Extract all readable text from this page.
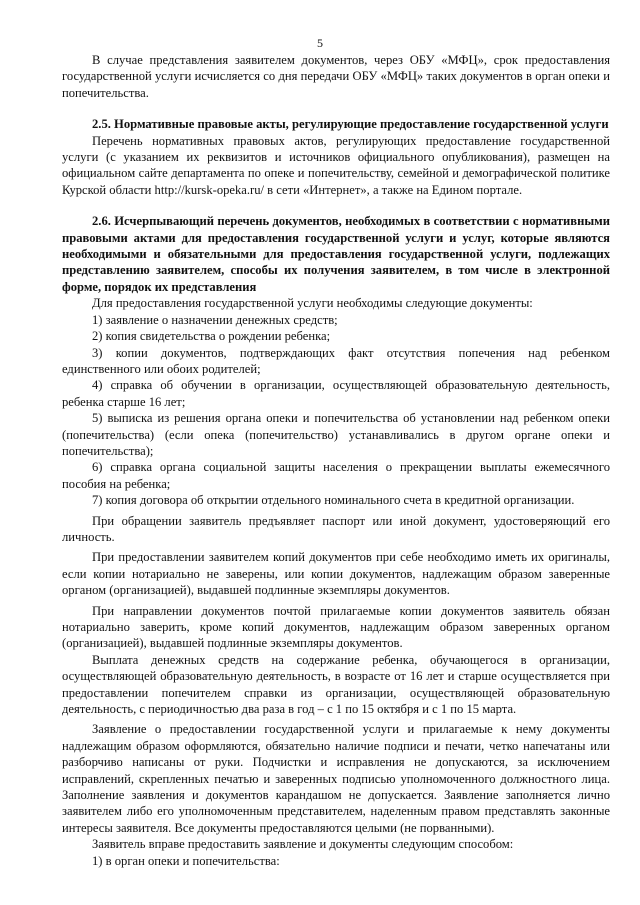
5

В случае представления заявителем документов, через ОБУ «МФЦ», срок предоставления государственной услуги исчисляется со дня передачи ОБУ «МФЦ» таких документов в орган опеки и попечительства.

2.5. Нормативные правовые акты, регулирующие предоставление государственной услуги

Перечень нормативных правовых актов, регулирующих предоставление государственной услуги (с указанием их реквизитов и источников официального опубликования), размещен на официальном сайте департамента по опеке и попечительству, семейной и демографической политике Курской области http://kursk-opeka.ru/ в сети «Интернет», а также на Едином портале.

2.6. Исчерпывающий перечень документов, необходимых в соответствии с нормативными правовыми актами для предоставления государственной услуги и услуг, которые являются необходимыми и обязательными для предоставления государственной услуги, подлежащих представлению заявителем, способы их получения заявителем, в том числе в электронной форме, порядок их представления

Для предоставления государственной услуги необходимы следующие документы:

1) заявление о назначении денежных средств;

2) копия свидетельства о рождении ребенка;

3) копии документов, подтверждающих факт отсутствия попечения над ребенком единственного или обоих родителей;

4) справка об обучении в организации, осуществляющей образовательную деятельность, ребенка старше 16 лет;

5) выписка из решения органа опеки и попечительства об установлении над ребенком опеки (попечительства) (если опека (попечительство) устанавливались в другом органе опеки и попечительства);

6) справка органа социальной защиты населения о прекращении выплаты ежемесячного пособия на ребенка;

7) копия договора об открытии отдельного номинального счета в кредитной организации.

При обращении заявитель предъявляет паспорт или иной документ, удостоверяющий его личность.

При предоставлении заявителем копий документов при себе необходимо иметь их оригиналы, если копии нотариально не заверены, или копии документов, надлежащим образом заверенные органом (организацией), выдавшей подлинные экземпляры документов.

При направлении документов почтой прилагаемые копии документов заявитель обязан нотариально заверить, кроме копий документов, надлежащим образом заверенных органом (организацией), выдавшей подлинные экземпляры документов.

Выплата денежных средств на содержание ребенка, обучающегося в организации, осуществляющей образовательную деятельность, в возрасте от 16 лет и старше осуществляется при предоставлении попечителем справки из организации, осуществляющей образовательную деятельность, с периодичностью два раза в год – с 1 по 15 октября и с 1 по 15 марта.

Заявление о предоставлении государственной услуги и прилагаемые к нему документы надлежащим образом оформляются, обязательно наличие подписи и печати, четко напечатаны или разборчиво написаны от руки. Подчистки и исправления не допускаются, за исключением исправлений, скрепленных печатью и заверенных подписью уполномоченного должностного лица. Заполнение заявления и документов карандашом не допускается. Заявление заполняется лично заявителем либо его уполномоченным представителем, наделенным правом представлять законные интересы заявителя. Все документы предоставляются целыми (не порванными).

Заявитель вправе предоставить заявление и документы следующим способом:

1) в орган опеки и попечительства:
